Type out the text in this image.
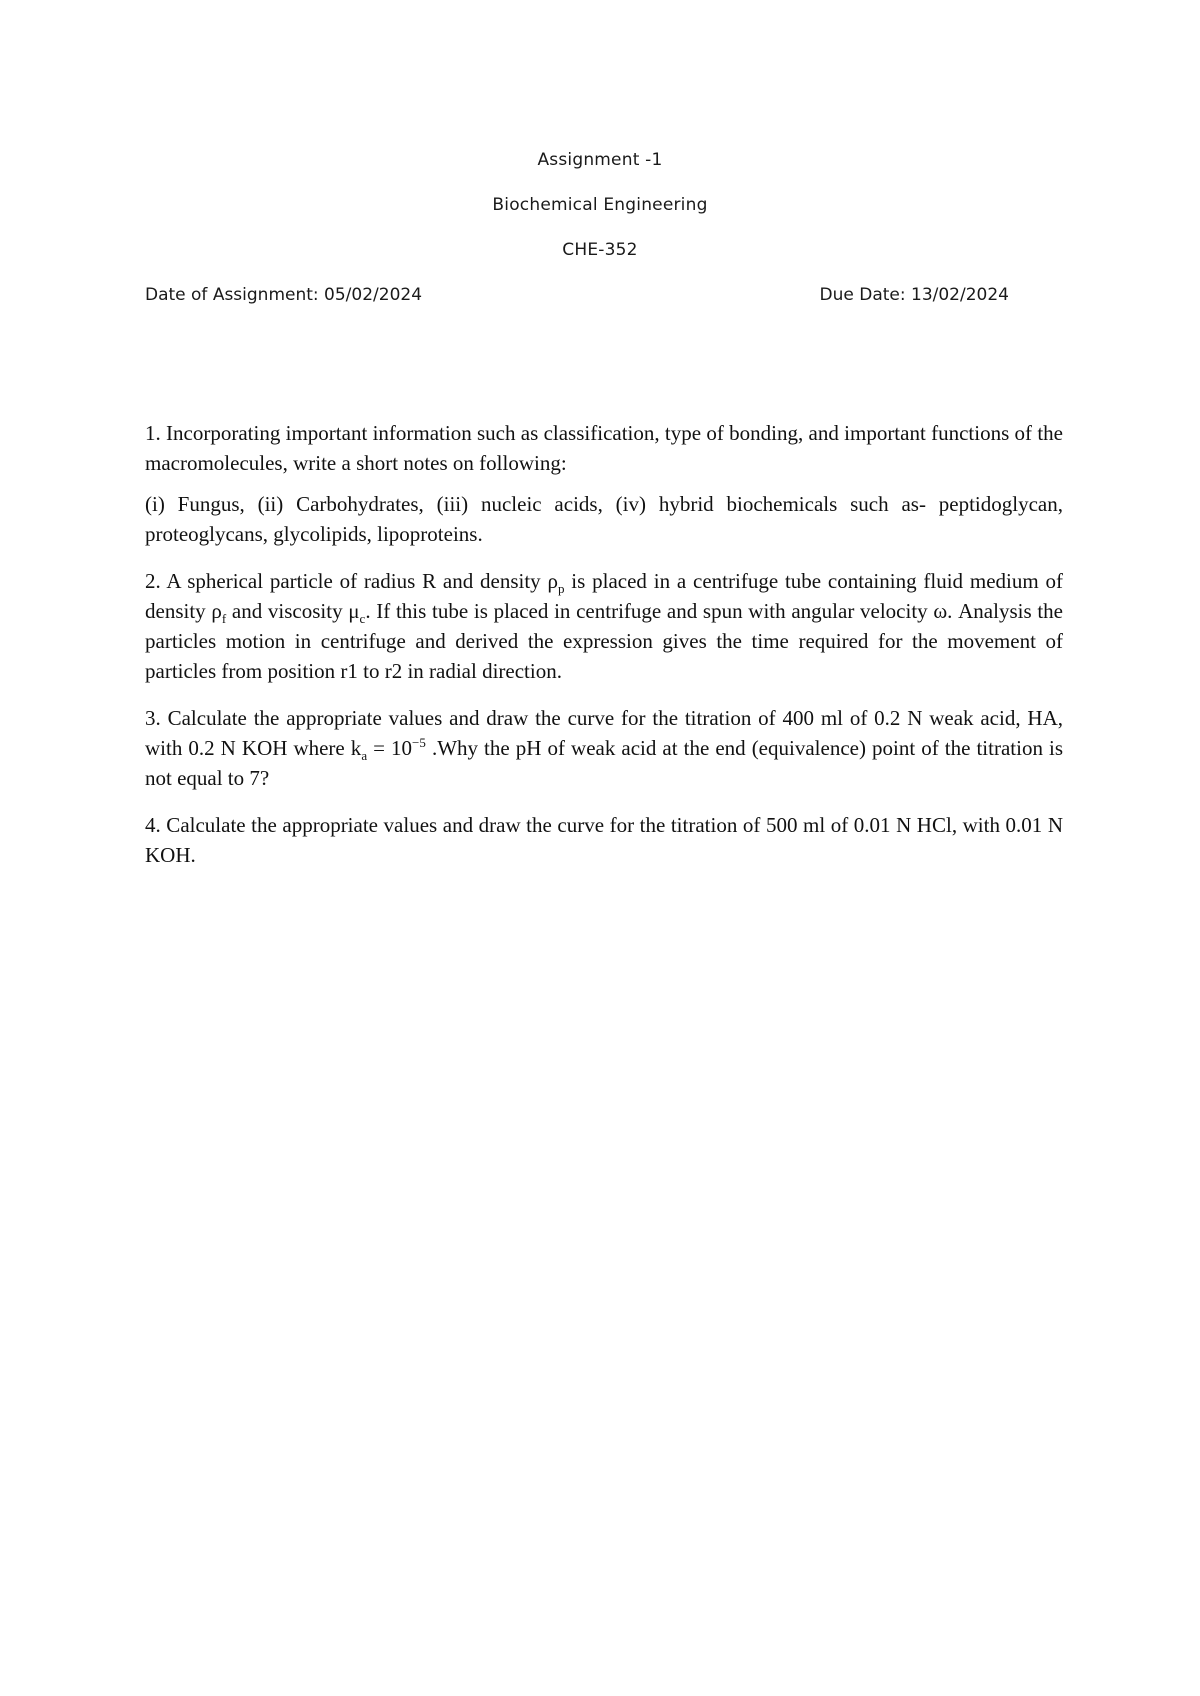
Assignment -1
Biochemical Engineering
CHE-352
Date of Assignment: 05/02/2024	Due Date: 13/02/2024

1. Incorporating important information such as classification, type of bonding, and important functions of the macromolecules, write a short notes on following:

(i) Fungus, (ii) Carbohydrates, (iii) nucleic acids, (iv) hybrid biochemicals such as- peptidoglycan, proteoglycans, glycolipids, lipoproteins.

2. A spherical particle of radius R and density $\rho_p$ is placed in a centrifuge tube containing fluid medium of density $\rho_f$ and viscosity $\mu_c$. If this tube is placed in centrifuge and spun with angular velocity ω. Analysis the particles motion in centrifuge and derived the expression gives the time required for the movement of particles from position r1 to r2 in radial direction.

3. Calculate the appropriate values and draw the curve for the titration of 400 ml of 0.2 N weak acid, HA, with 0.2 N KOH where $k_a = 10^{-5}$ .Why the pH of weak acid at the end (equivalence) point of the titration is not equal to 7?

4. Calculate the appropriate values and draw the curve for the titration of 500 ml of 0.01 N HCl, with 0.01 N KOH.
